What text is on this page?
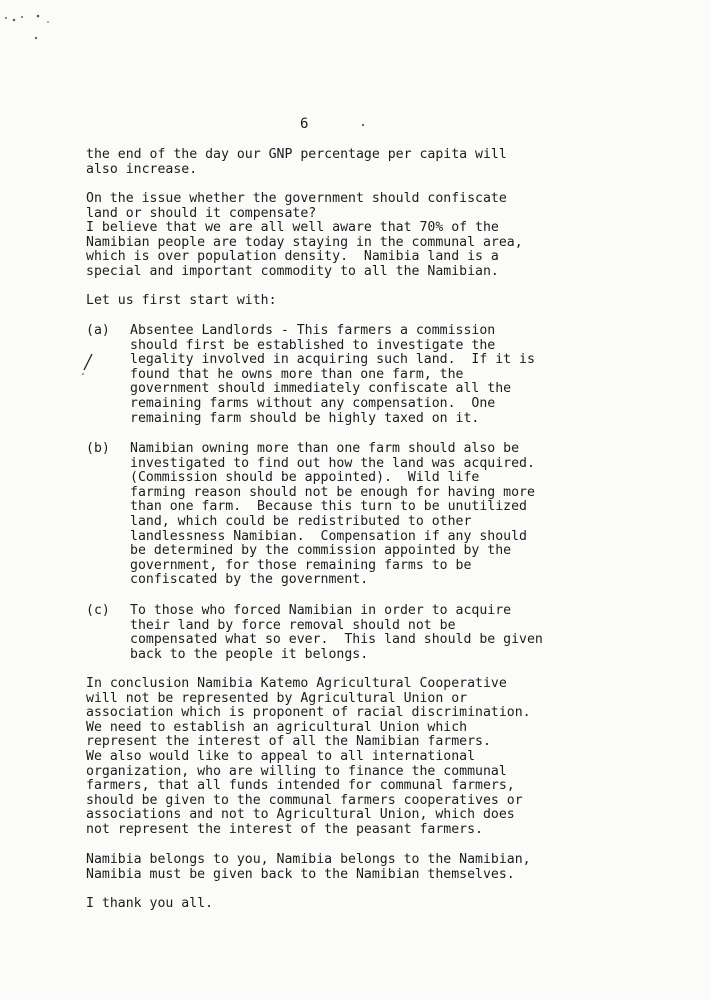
6
the end of the day our GNP percentage per capita will
also increase.
On the issue whether the government should confiscate
land or should it compensate?
I believe that we are all well aware that 70% of the
Namibian people are today staying in the communal area,
which is over population density.  Namibia land is a
special and important commodity to all the Namibian.
Let us first start with:
(a) Absentee Landlords - This farmers a commission
should first be established to investigate the
legality involved in acquiring such land.  If it is
found that he owns more than one farm, the
government should immediately confiscate all the
remaining farms without any compensation.  One
remaining farm should be highly taxed on it.
(b) Namibian owning more than one farm should also be
investigated to find out how the land was acquired.
(Commission should be appointed).  Wild life
farming reason should not be enough for having more
than one farm.  Because this turn to be unutilized
land, which could be redistributed to other
landlessness Namibian.  Compensation if any should
be determined by the commission appointed by the
government, for those remaining farms to be
confiscated by the government.
(c) To those who forced Namibian in order to acquire
their land by force removal should not be
compensated what so ever.  This land should be given
back to the people it belongs.
In conclusion Namibia Katemo Agricultural Cooperative
will not be represented by Agricultural Union or
association which is proponent of racial discrimination.
We need to establish an agricultural Union which
represent the interest of all the Namibian farmers.
We also would like to appeal to all international
organization, who are willing to finance the communal
farmers, that all funds intended for communal farmers,
should be given to the communal farmers cooperatives or
associations and not to Agricultural Union, which does
not represent the interest of the peasant farmers.
Namibia belongs to you, Namibia belongs to the Namibian,
Namibia must be given back to the Namibian themselves.
I thank you all.
